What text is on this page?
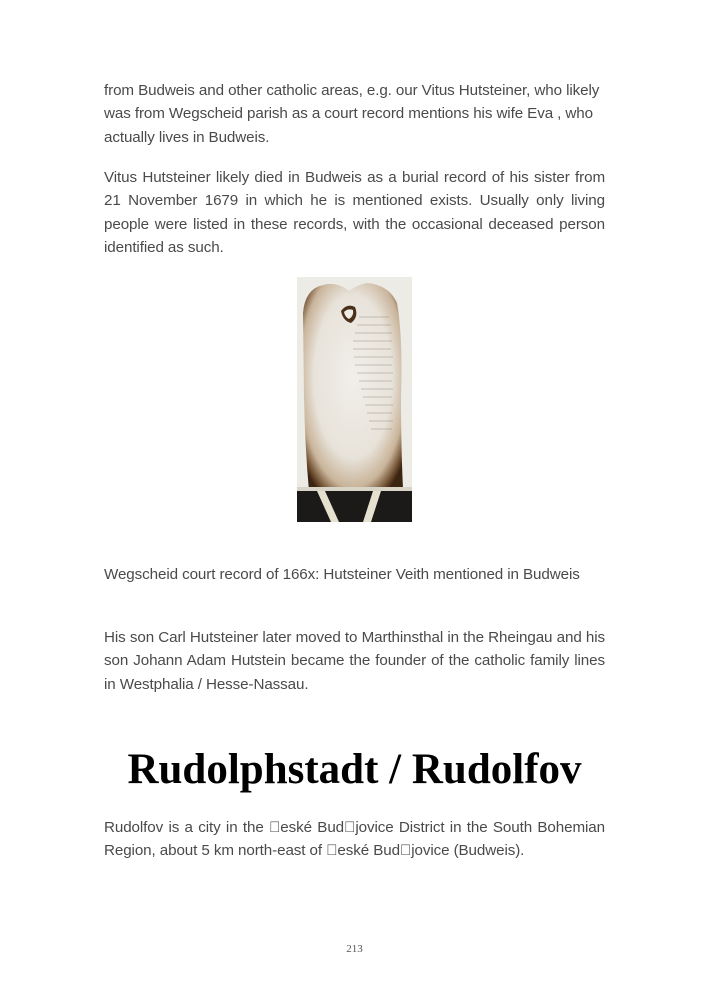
from Budweis and other catholic areas, e.g. our Vitus Hutsteiner, who likely was from Wegscheid parish as a court record mentions his wife Eva , who actually lives in Budweis.

Vitus Hutsteiner likely died in Budweis as a burial record of his sister from 21 November 1679 in which he is mentioned exists. Usually only living people were listed in these records, with the occasional deceased person identified as such.

Wegscheid court record of 166x: Hutsteiner Veith mentioned in Budweis

His son Carl Hutsteiner later moved to Marthinsthal in the Rheingau and his son Johann Adam Hutstein became the founder of the catholic family lines in Westphalia / Hesse-Nassau.

Rudolphstadt / Rudolfov

Rudolfov is a city in the  eské Bud jovice District in the South Bohemian Region, about 5 km north-east of  eské Bud jovice (Budweis).

213
